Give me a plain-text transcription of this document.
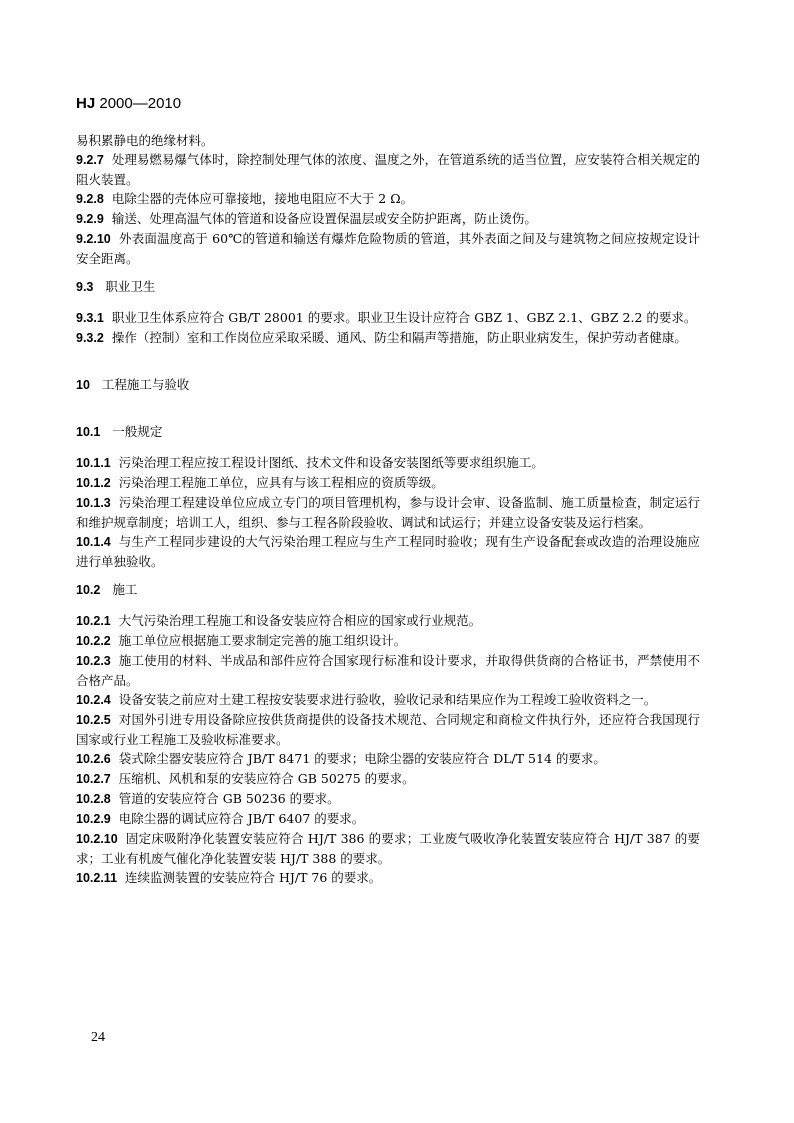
HJ 2000—2010

易积累静电的绝缘材料。

9.2.7 处理易燃易爆气体时，除控制处理气体的浓度、温度之外，在管道系统的适当位置，应安装符合相关规定的阻火装置。

9.2.8 电除尘器的壳体应可靠接地，接地电阻应不大于 2 Ω。

9.2.9 输送、处理高温气体的管道和设备应设置保温层或安全防护距离，防止烫伤。

9.2.10 外表面温度高于 60℃的管道和输送有爆炸危险物质的管道，其外表面之间及与建筑物之间应按规定设计安全距离。

9.3 职业卫生

9.3.1 职业卫生体系应符合 GB/T 28001 的要求。职业卫生设计应符合 GBZ 1、GBZ 2.1、GBZ 2.2 的要求。

9.3.2 操作（控制）室和工作岗位应采取采暖、通风、防尘和隔声等措施，防止职业病发生，保护劳动者健康。

10 工程施工与验收

10.1 一般规定

10.1.1 污染治理工程应按工程设计图纸、技术文件和设备安装图纸等要求组织施工。

10.1.2 污染治理工程施工单位，应具有与该工程相应的资质等级。

10.1.3 污染治理工程建设单位应成立专门的项目管理机构，参与设计会审、设备监制、施工质量检查，制定运行和维护规章制度；培训工人，组织、参与工程各阶段验收、调试和试运行；并建立设备安装及运行档案。

10.1.4 与生产工程同步建设的大气污染治理工程应与生产工程同时验收；现有生产设备配套或改造的治理设施应进行单独验收。

10.2 施工

10.2.1 大气污染治理工程施工和设备安装应符合相应的国家或行业规范。

10.2.2 施工单位应根据施工要求制定完善的施工组织设计。

10.2.3 施工使用的材料、半成品和部件应符合国家现行标准和设计要求，并取得供货商的合格证书，严禁使用不合格产品。

10.2.4 设备安装之前应对土建工程按安装要求进行验收，验收记录和结果应作为工程竣工验收资料之一。

10.2.5 对国外引进专用设备除应按供货商提供的设备技术规范、合同规定和商检文件执行外，还应符合我国现行国家或行业工程施工及验收标准要求。

10.2.6 袋式除尘器安装应符合 JB/T 8471 的要求；电除尘器的安装应符合 DL/T 514 的要求。

10.2.7 压缩机、风机和泵的安装应符合 GB 50275 的要求。

10.2.8 管道的安装应符合 GB 50236 的要求。

10.2.9 电除尘器的调试应符合 JB/T 6407 的要求。

10.2.10 固定床吸附净化装置安装应符合 HJ/T 386 的要求；工业废气吸收净化装置安装应符合 HJ/T 387 的要求；工业有机废气催化净化装置安装 HJ/T 388 的要求。

10.2.11 连续监测装置的安装应符合 HJ/T 76 的要求。

24
